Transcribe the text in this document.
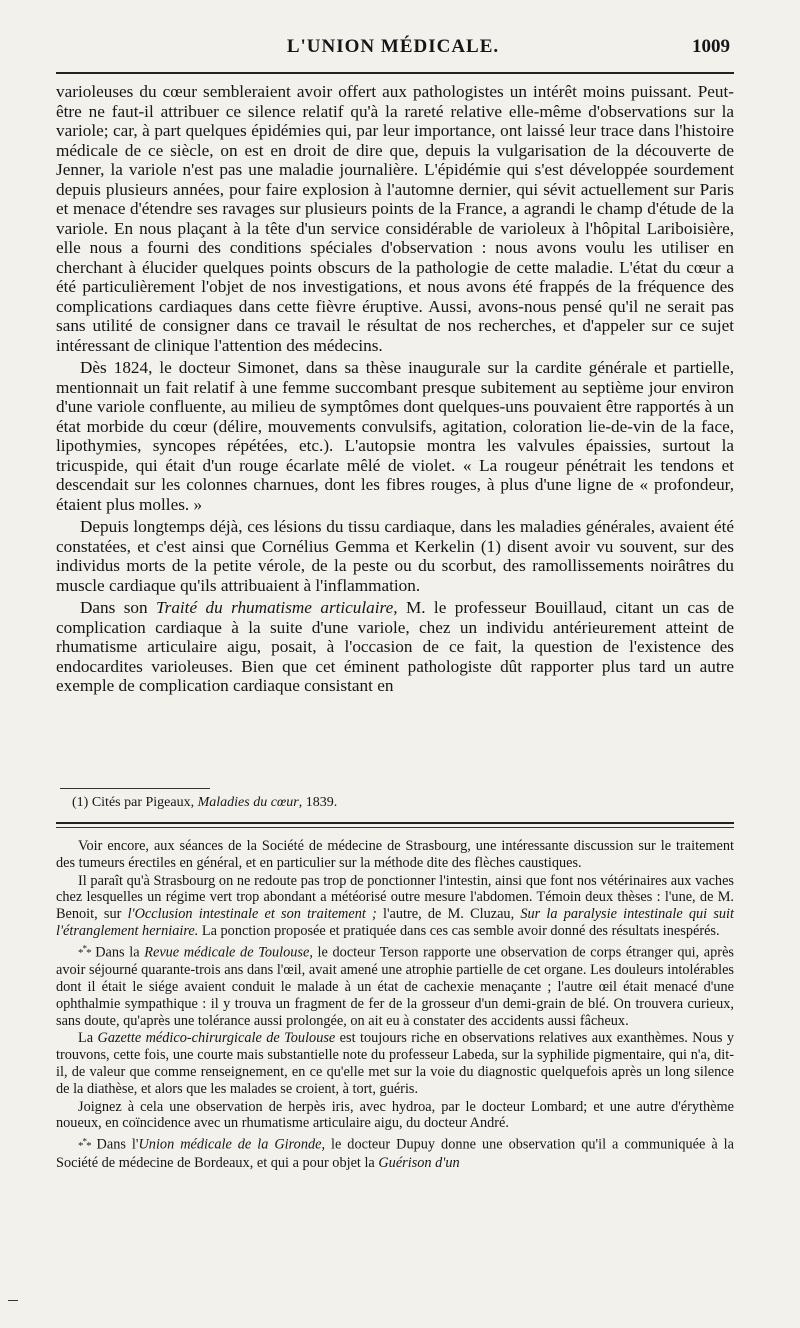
L'UNION MÉDICALE.	1009

varioleuses du cœur sembleraient avoir offert aux pathologistes un intérêt moins puissant. Peut-être ne faut-il attribuer ce silence relatif qu'à la rareté relative elle-même d'observations sur la variole; car, à part quelques épidémies qui, par leur importance, ont laissé leur trace dans l'histoire médicale de ce siècle, on est en droit de dire que, depuis la vulgarisation de la découverte de Jenner, la variole n'est pas une maladie journalière. L'épidémie qui s'est développée sourdement depuis plusieurs années, pour faire explosion à l'automne dernier, qui sévit actuellement sur Paris et menace d'étendre ses ravages sur plusieurs points de la France, a agrandi le champ d'étude de la variole. En nous plaçant à la tête d'un service considérable de varioleux à l'hôpital Lariboisière, elle nous a fourni des conditions spéciales d'observation : nous avons voulu les utiliser en cherchant à élucider quelques points obscurs de la pathologie de cette maladie. L'état du cœur a été particulièrement l'objet de nos investigations, et nous avons été frappés de la fréquence des complications cardiaques dans cette fièvre éruptive. Aussi, avons-nous pensé qu'il ne serait pas sans utilité de consigner dans ce travail le résultat de nos recherches, et d'appeler sur ce sujet intéressant de clinique l'attention des médecins.

Dès 1824, le docteur Simonet, dans sa thèse inaugurale sur la cardite générale et partielle, mentionnait un fait relatif à une femme succombant presque subitement au septième jour environ d'une variole confluente, au milieu de symptômes dont quelques-uns pouvaient être rapportés à un état morbide du cœur (délire, mouvements convulsifs, agitation, coloration lie-de-vin de la face, lipothymies, syncopes répétées, etc.). L'autopsie montra les valvules épaissies, surtout la tricuspide, qui était d'un rouge écarlate mêlé de violet. « La rougeur pénétrait les tendons et descendait sur les colonnes charnues, dont les fibres rouges, à plus d'une ligne de « profondeur, étaient plus molles. »

Depuis longtemps déjà, ces lésions du tissu cardiaque, dans les maladies générales, avaient été constatées, et c'est ainsi que Cornélius Gemma et Kerkelin (1) disent avoir vu souvent, sur des individus morts de la petite vérole, de la peste ou du scorbut, des ramollissements noirâtres du muscle cardiaque qu'ils attribuaient à l'inflammation.

Dans son Traité du rhumatisme articulaire, M. le professeur Bouillaud, citant un cas de complication cardiaque à la suite d'une variole, chez un individu antérieurement atteint de rhumatisme articulaire aigu, posait, à l'occasion de ce fait, la question de l'existence des endocardites varioleuses. Bien que cet éminent pathologiste dût rapporter plus tard un autre exemple de complication cardiaque consistant en

(1) Cités par Pigeaux, Maladies du cœur, 1839.

Voir encore, aux séances de la Société de médecine de Strasbourg, une intéressante discussion sur le traitement des tumeurs érectiles en général, et en particulier sur la méthode dite des flèches caustiques.

Il paraît qu'à Strasbourg on ne redoute pas trop de ponctionner l'intestin, ainsi que font nos vétérinaires aux vaches chez lesquelles un régime vert trop abondant a météorisé outre mesure l'abdomen. Témoin deux thèses : l'une, de M. Benoit, sur l'Occlusion intestinale et son traitement ; l'autre, de M. Cluzau, Sur la paralysie intestinale qui suit l'étranglement herniaire. La ponction proposée et pratiquée dans ces cas semble avoir donné des résultats inespérés.

*** Dans la Revue médicale de Toulouse, le docteur Terson rapporte une observation de corps étranger qui, après avoir séjourné quarante-trois ans dans l'œil, avait amené une atrophie partielle de cet organe. Les douleurs intolérables dont il était le siége avaient conduit le malade à un état de cachexie menaçante ; l'autre œil était menacé d'une ophthalmie sympathique : il y trouva un fragment de fer de la grosseur d'un demi-grain de blé. On trouvera curieux, sans doute, qu'après une tolérance aussi prolongée, on ait eu à constater des accidents aussi fâcheux.

La Gazette médico-chirurgicale de Toulouse est toujours riche en observations relatives aux exanthèmes. Nous y trouvons, cette fois, une courte mais substantielle note du professeur Labeda, sur la syphilide pigmentaire, qui n'a, dit-il, de valeur que comme renseignement, en ce qu'elle met sur la voie du diagnostic quelquefois après un long silence de la diathèse, et alors que les malades se croient, à tort, guéris.

Joignez à cela une observation de herpès iris, avec hydroa, par le docteur Lombard; et une autre d'érythème noueux, en coïncidence avec un rhumatisme articulaire aigu, du docteur André.

*** Dans l'Union médicale de la Gironde, le docteur Dupuy donne une observation qu'il a communiquée à la Société de médecine de Bordeaux, et qui a pour objet la Guérison d'un
